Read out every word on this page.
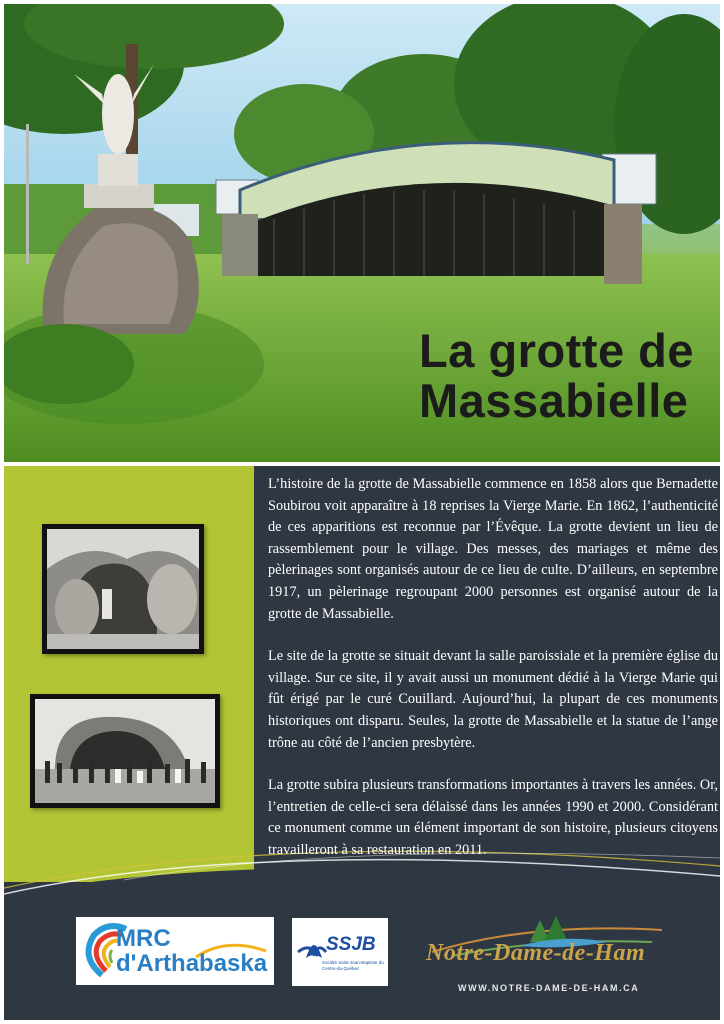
La grotte de
Massabielle

L’histoire de la grotte de Massabielle commence en 1858 alors que Bernadette Soubirou voit apparaître à 18 reprises la Vierge Marie. En 1862, l’authenticité de ces apparitions est reconnue par l’Évêque. La grotte devient un lieu de rassemblement pour le village. Des messes, des mariages et même des pèlerinages sont organisés autour de ce lieu de culte. D’ailleurs, en septembre 1917, un pèlerinage regroupant 2000 personnes est organisé autour de la grotte de Massabielle.

Le site de la grotte se situait devant la salle paroissiale et la première église du village. Sur ce site, il y avait aussi un monument dédié à la Vierge Marie qui fût érigé par le curé Couillard. Aujourd’hui, la plupart de ces monuments historiques ont disparu. Seules, la grotte de Massabielle et la statue de l’ange trône au côté de l’ancien presbytère.

La grotte subira plusieurs transformations importantes à travers les années. Or, l’entretien de celle-ci sera délaissé dans les années 1990 et 2000. Considérant ce monument comme un élément important de son histoire, plusieurs citoyens travailleront à sa restauration en 2011.

MRC
d'Arthabaska
SSJB
Société Saint-Jean-Baptiste du Centre-du-Québec
Notre-Dame-de-Ham
WWW.NOTRE-DAME-DE-HAM.CA
